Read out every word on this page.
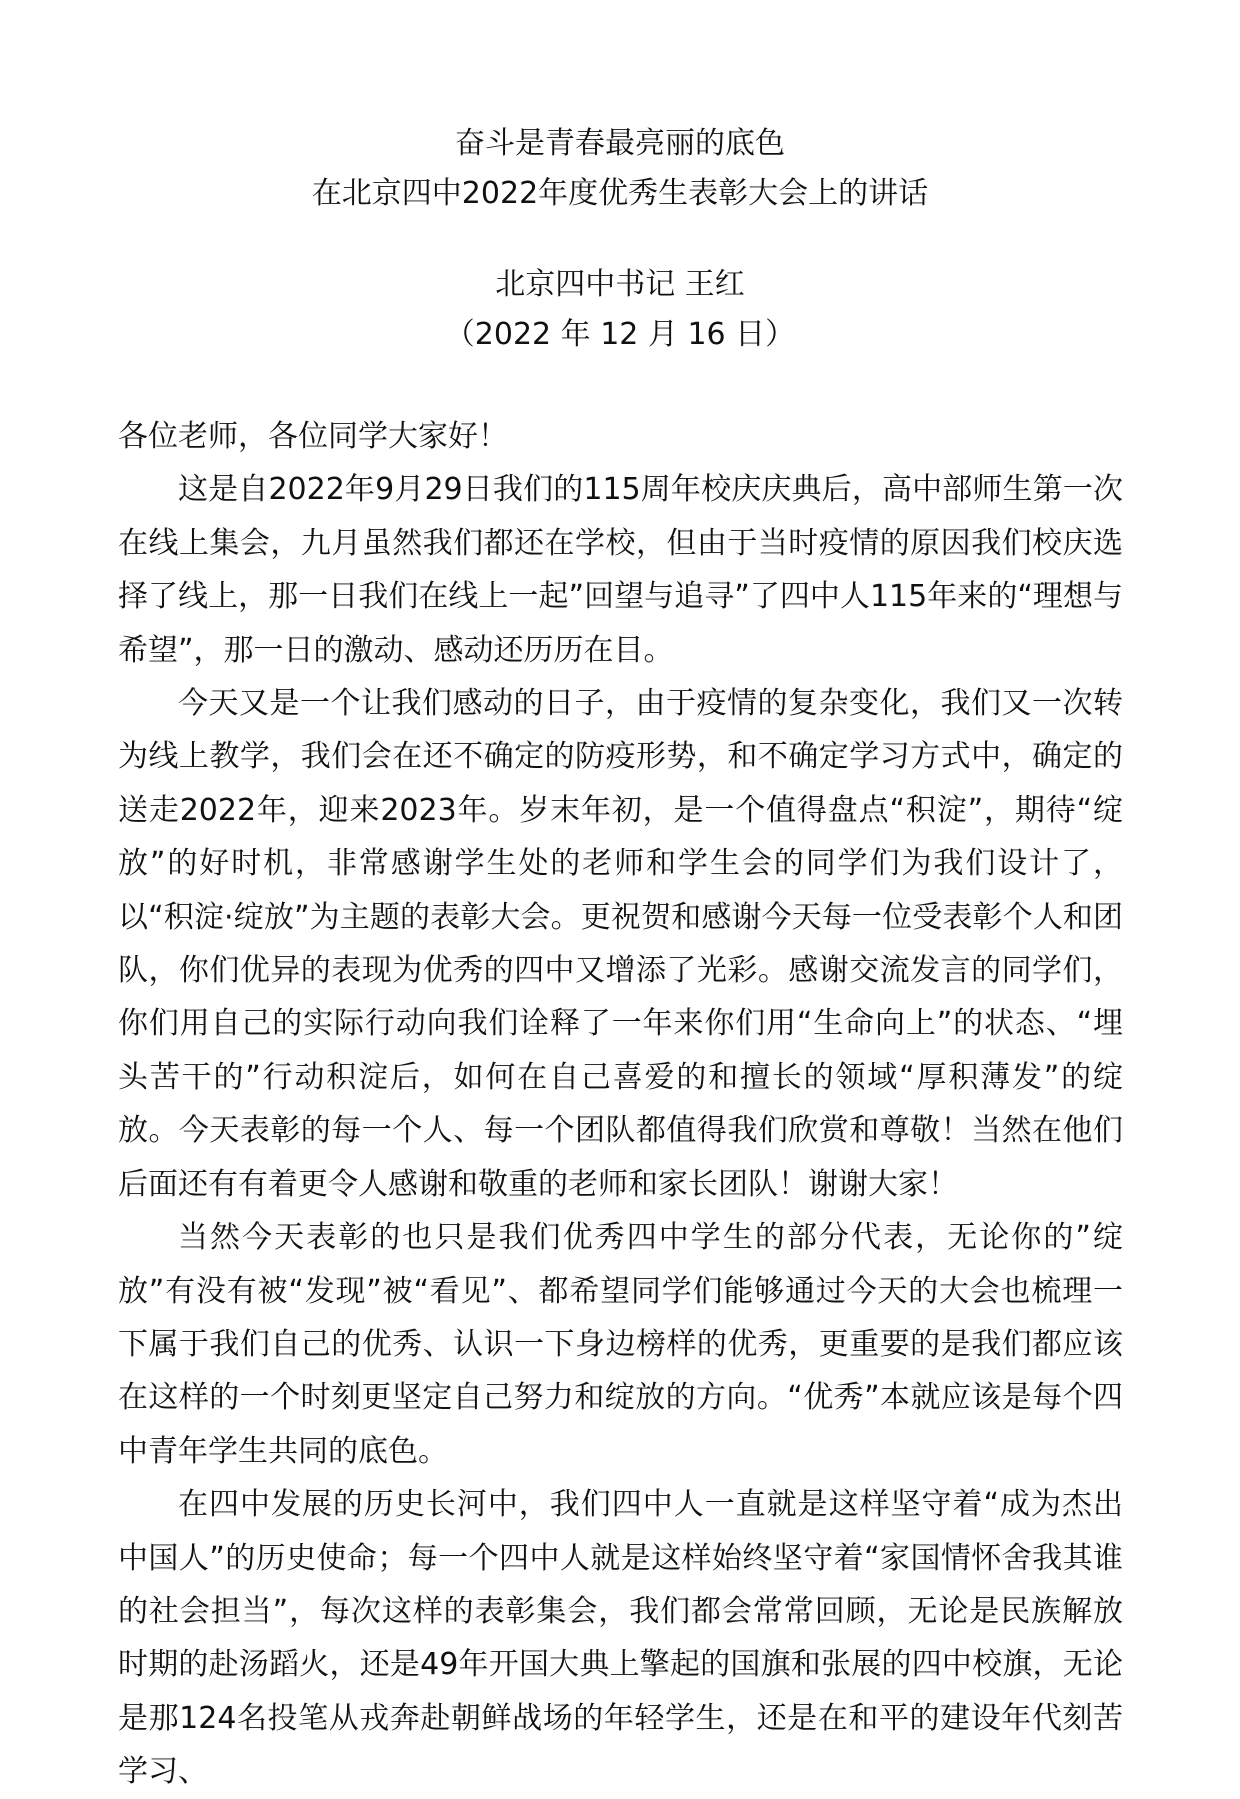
奋斗是青春最亮丽的底色
在北京四中2022年度优秀生表彰大会上的讲话
北京四中书记 王红
（2022 年 12 月 16 日）

各位老师，各位同学大家好！

这是自2022年9月29日我们的115周年校庆庆典后，高中部师生第一次在线上集会，九月虽然我们都还在学校，但由于当时疫情的原因我们校庆选择了线上，那一日我们在线上一起”回望与追寻”了四中人115年来的“理想与希望”，那一日的激动、感动还历历在目。

今天又是一个让我们感动的日子，由于疫情的复杂变化，我们又一次转为线上教学，我们会在还不确定的防疫形势，和不确定学习方式中，确定的送走2022年，迎来2023年。岁末年初，是一个值得盘点“积淀”，期待“绽放”的好时机，非常感谢学生处的老师和学生会的同学们为我们设计了，以“积淀·绽放”为主题的表彰大会。更祝贺和感谢今天每一位受表彰个人和团队，你们优异的表现为优秀的四中又增添了光彩。感谢交流发言的同学们，你们用自己的实际行动向我们诠释了一年来你们用“生命向上”的状态、“埋头苦干的”行动积淀后，如何在自己喜爱的和擅长的领域“厚积薄发”的绽放。今天表彰的每一个人、每一个团队都值得我们欣赏和尊敬！当然在他们后面还有有着更令人感谢和敬重的老师和家长团队！谢谢大家！

当然今天表彰的也只是我们优秀四中学生的部分代表，无论你的”绽放”有没有被“发现”被“看见”、都希望同学们能够通过今天的大会也梳理一下属于我们自己的优秀、认识一下身边榜样的优秀，更重要的是我们都应该在这样的一个时刻更坚定自己努力和绽放的方向。“优秀”本就应该是每个四中青年学生共同的底色。

在四中发展的历史长河中，我们四中人一直就是这样坚守着“成为杰出中国人”的历史使命；每一个四中人就是这样始终坚守着“家国情怀舍我其谁的社会担当”，每次这样的表彰集会，我们都会常常回顾，无论是民族解放时期的赴汤蹈火，还是49年开国大典上擎起的国旗和张展的四中校旗，无论是那124名投笔从戎奔赴朝鲜战场的年轻学生，还是在和平的建设年代刻苦学习、
